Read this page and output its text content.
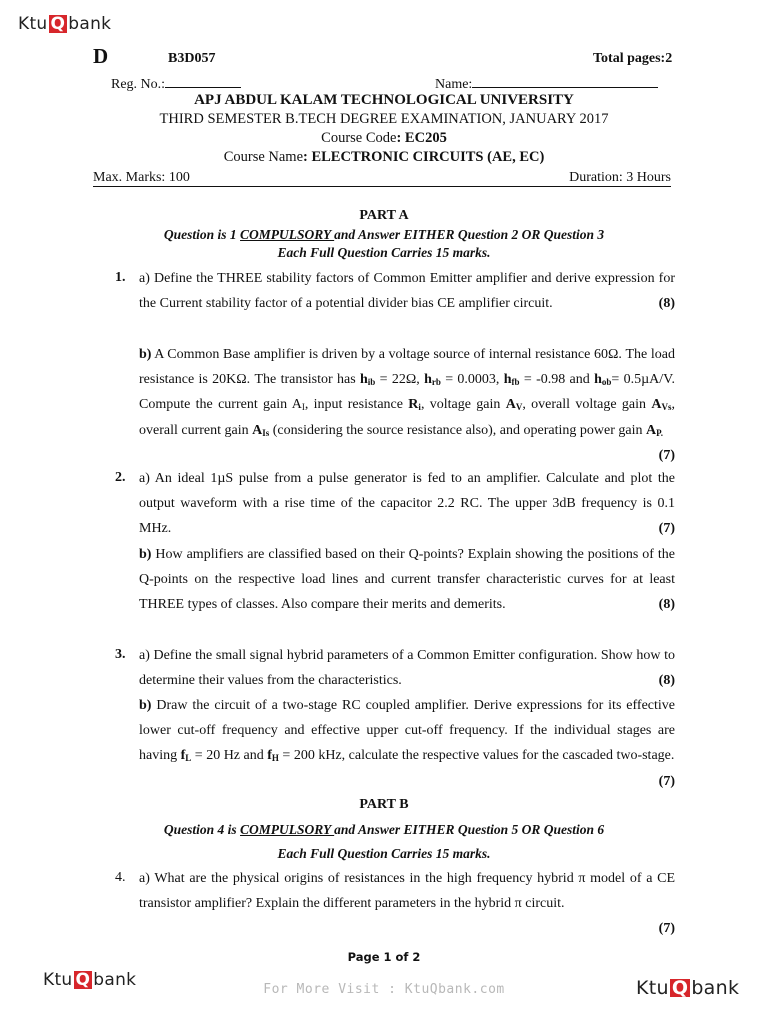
Ktu Q bank
D	B3D057	Total pages:2
Reg. No.:	Name:
APJ ABDUL KALAM TECHNOLOGICAL UNIVERSITY
THIRD SEMESTER B.TECH DEGREE EXAMINATION, JANUARY 2017
Course Code: EC205
Course Name: ELECTRONIC CIRCUITS (AE, EC)
Max. Marks: 100	Duration: 3 Hours
PART A
Question is 1 COMPULSORY and Answer EITHER Question 2 OR Question 3
Each Full Question Carries 15 marks.
1. a) Define the THREE stability factors of Common Emitter amplifier and derive expression for the Current stability factor of a potential divider bias CE amplifier circuit.	(8)
b) A Common Base amplifier is driven by a voltage source of internal resistance 60Ω. The load resistance is 20KΩ. The transistor has $h_{ib} = 22\Omega$, $h_{rb} = 0.0003$, $h_{fb} = -0.98$ and $h_{ob}= 0.5\mu A/V$. Compute the current gain $A_I$, input resistance $R_i$, voltage gain $A_V$, overall voltage gain $A_{Vs}$, overall current gain $A_{Is}$ (considering the source resistance also), and operating power gain $A_{P.}$
(7)
2. a) An ideal 1µS pulse from a pulse generator is fed to an amplifier. Calculate and plot the output waveform with a rise time of the capacitor 2.2 RC. The upper 3dB frequency is 0.1 MHz.	(7)
b) How amplifiers are classified based on their Q-points? Explain showing the positions of the Q-points on the respective load lines and current transfer characteristic curves for at least THREE types of classes. Also compare their merits and demerits.	(8)
3. a) Define the small signal hybrid parameters of a Common Emitter configuration. Show how to determine their values from the characteristics.	(8)
b) Draw the circuit of a two-stage RC coupled amplifier. Derive expressions for its effective lower cut-off frequency and effective upper cut-off frequency. If the individual stages are having $f_L = 20$ Hz and $f_H = 200$ kHz, calculate the respective values for the cascaded two-stage.
(7)
PART B
Question 4 is COMPULSORY and Answer EITHER Question 5 OR Question 6
Each Full Question Carries 15 marks.
4. a) What are the physical origins of resistances in the high frequency hybrid π model of a CE transistor amplifier? Explain the different parameters in the hybrid π circuit.

(7)
Page 1 of 2
Ktu Q bank	For More Visit : KtuQbank.com	Ktu Q bank
